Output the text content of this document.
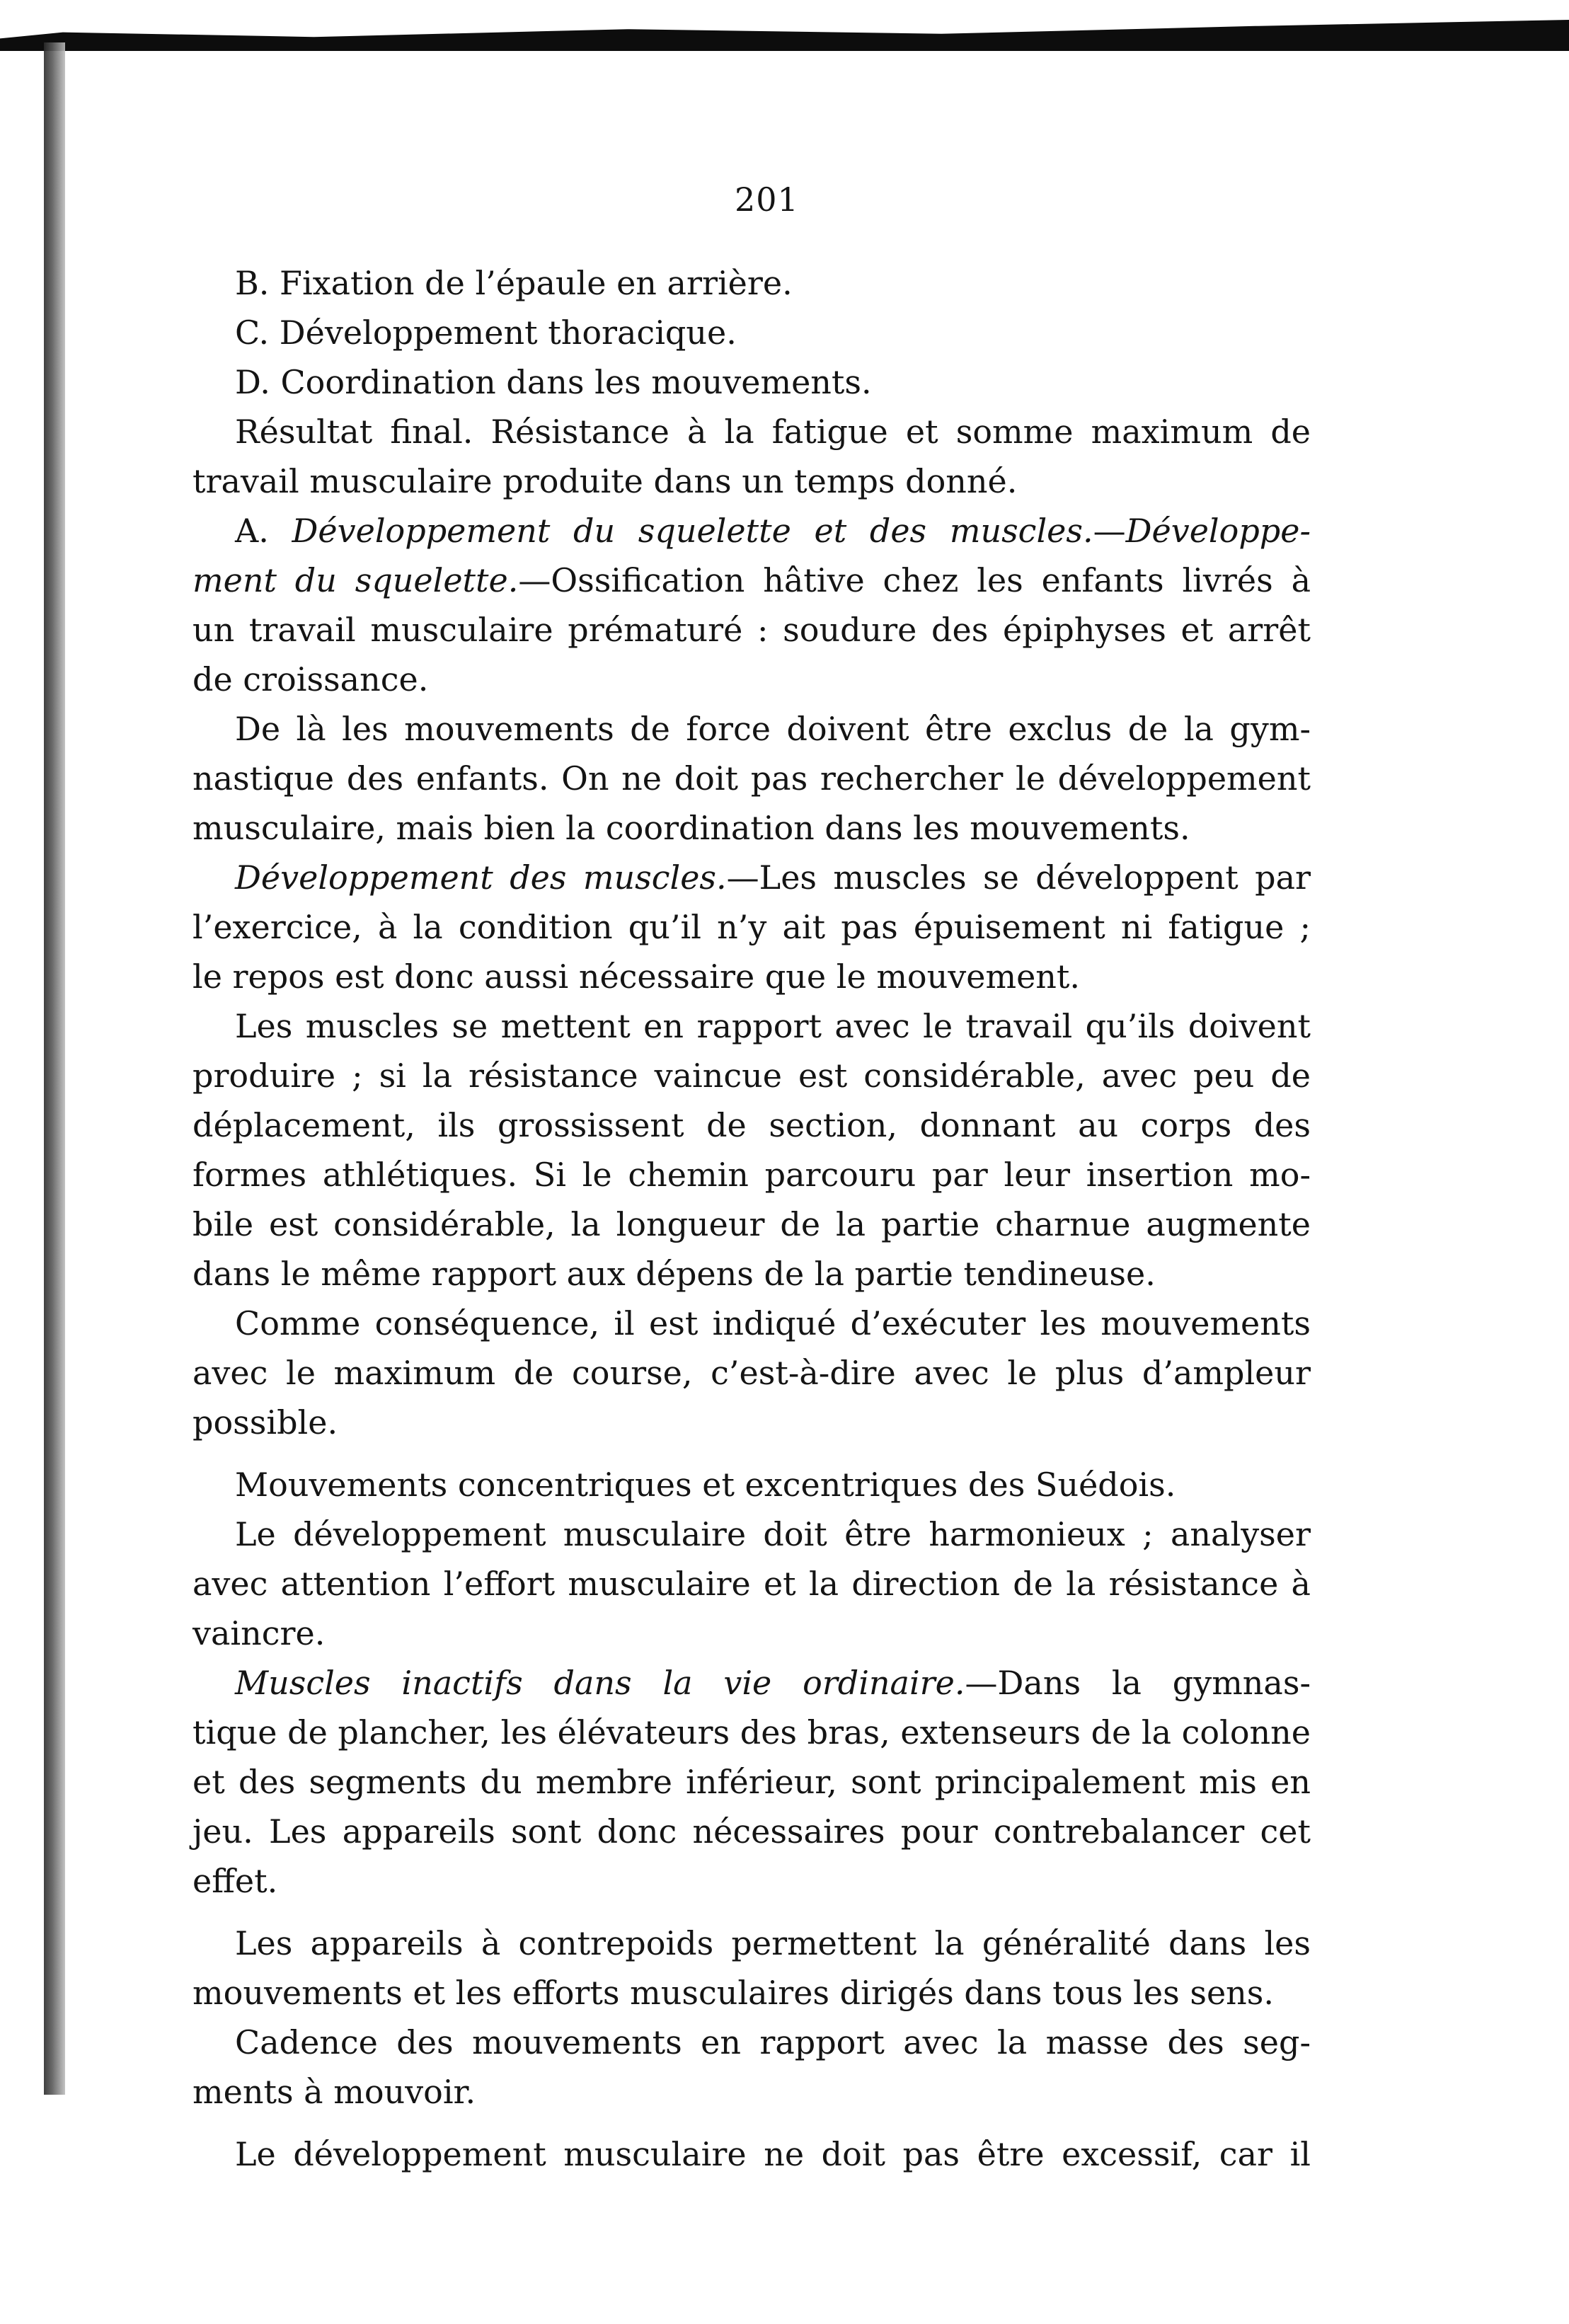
201
B. Fixation de l’épaule en arrière.
C. Développement thoracique.
D. Coordination dans les mouvements.
Résultat final. Résistance à la fatigue et somme maximum de
travail musculaire produite dans un temps donné.
A. Développement du squelette et des muscles.—Développe-
ment du squelette.—Ossification hâtive chez les enfants livrés à
un travail musculaire prématuré : soudure des épiphyses et arrêt
de croissance.
De là les mouvements de force doivent être exclus de la gym-
nastique des enfants. On ne doit pas rechercher le développement
musculaire, mais bien la coordination dans les mouvements.
Développement des muscles.—Les muscles se développent par
l’exercice, à la condition qu’il n’y ait pas épuisement ni fatigue ;
le repos est donc aussi nécessaire que le mouvement.
Les muscles se mettent en rapport avec le travail qu’ils doivent
produire ; si la résistance vaincue est considérable, avec peu de
déplacement, ils grossissent de section, donnant au corps des
formes athlétiques. Si le chemin parcouru par leur insertion mo-
bile est considérable, la longueur de la partie charnue augmente
dans le même rapport aux dépens de la partie tendineuse.
Comme conséquence, il est indiqué d’exécuter les mouvements
avec le maximum de course, c’est-à-dire avec le plus d’ampleur
possible.
Mouvements concentriques et excentriques des Suédois.
Le développement musculaire doit être harmonieux ; analyser
avec attention l’effort musculaire et la direction de la résistance à
vaincre.
Muscles inactifs dans la vie ordinaire.—Dans la gymnas-
tique de plancher, les élévateurs des bras, extenseurs de la colonne
et des segments du membre inférieur, sont principalement mis en
jeu. Les appareils sont donc nécessaires pour contrebalancer cet
effet.
Les appareils à contrepoids permettent la généralité dans les
mouvements et les efforts musculaires dirigés dans tous les sens.
Cadence des mouvements en rapport avec la masse des seg-
ments à mouvoir.
Le développement musculaire ne doit pas être excessif, car il
